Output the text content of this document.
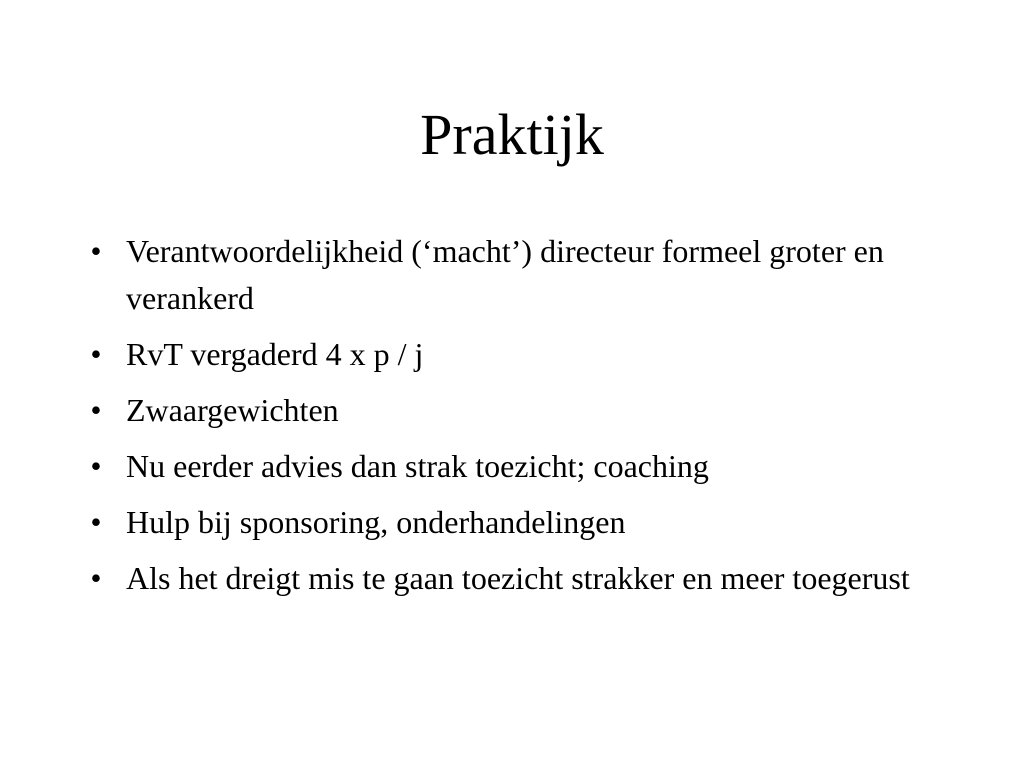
Praktijk
• Verantwoordelijkheid (‘macht’) directeur formeel groter en verankerd
• RvT vergaderd 4 x p / j
• Zwaargewichten
• Nu eerder advies dan strak toezicht; coaching
• Hulp bij sponsoring, onderhandelingen
• Als het dreigt mis te gaan toezicht strakker en meer toegerust
